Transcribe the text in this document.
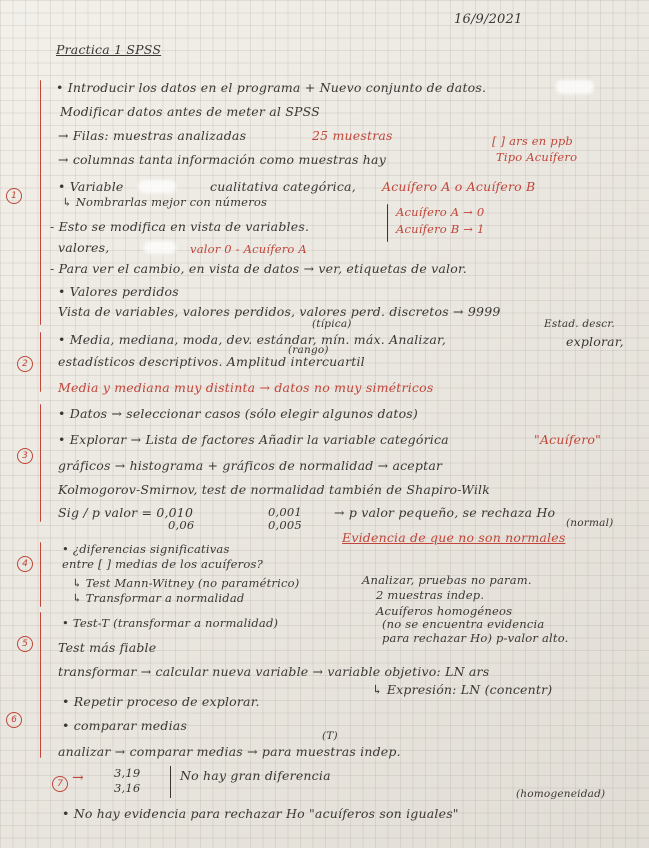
16/9/2021
Practica 1 SPSS
1
2
3
4
5
6
7
• Introducir los datos en el programa + Nuevo conjunto de datos.
Modificar datos antes de meter al SPSS
→ Filas: muestras analizadas	25 muestras	[ ] ars en ppb
→ columnas tanta información como muestras hay	Tipo Acuífero
• Variable	cualitativa categórica, Acuífero A o Acuífero B
↳ Nombrarlas mejor con números
- Esto se modifica en vista de variables.
Acuífero A → 0
Acuífero B → 1
valores,	valor 0 - Acuífero A
- Para ver el cambio, en vista de datos → ver, etiquetas de valor.
• Valores perdidos
Vista de variables, valores perdidos, valores perd. discretos → 9999
(típica)	Estad. descr.
• Media, mediana, moda, dev. estándar, mín. máx. Analizar,	explorar,
(rango)
estadísticos descriptivos. Amplitud intercuartil
Media y mediana muy distinta → datos no muy simétricos
• Datos → seleccionar casos (sólo elegir algunos datos)
• Explorar → Lista de factores Añadir la variable categórica	"Acuífero"
gráficos → histograma + gráficos de normalidad → aceptar
Kolmogorov-Smirnov, test de normalidad también de Shapiro-Wilk
Sig / p valor = 0,010
0,06
0,001
0,005
→ p valor pequeño, se rechaza Ho
(normal)
Evidencia de que no son normales
• ¿diferencias significativas
entre [ ] medias de los acuíferos?
↳ Test Mann-Witney (no paramétrico)
↳ Transformar a normalidad
Analizar, pruebas no param.
2 muestras indep.
Acuíferos homogéneos
(no se encuentra evidencia
para rechazar Ho) p-valor alto.
• Test-T (transformar a normalidad)
Test más fiable
transformar → calcular nueva variable → variable objetivo: LN ars
↳ Expresión: LN (concentr)
• Repetir proceso de explorar.
• comparar medias
(T)
analizar → comparar medias → para muestras indep.
→	3,19
3,16
No hay gran diferencia
(homogeneidad)
• No hay evidencia para rechazar Ho "acuíferos son iguales"
